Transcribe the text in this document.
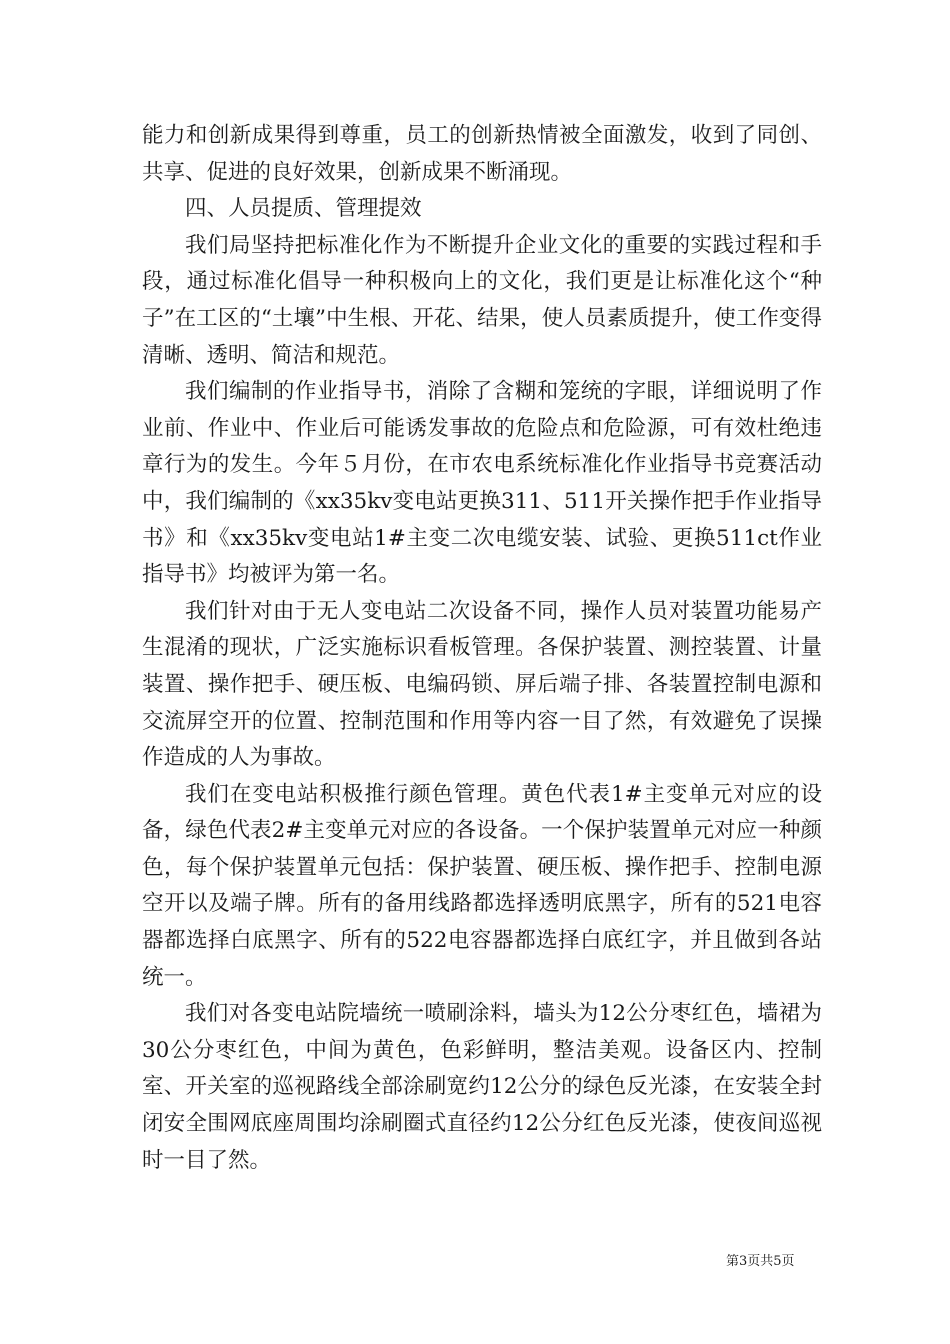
能力和创新成果得到尊重，员工的创新热情被全面激发，收到了同创、共享、促进的良好效果，创新成果不断涌现。

四、人员提质、管理提效

我们局坚持把标准化作为不断提升企业文化的重要的实践过程和手段，通过标准化倡导一种积极向上的文化，我们更是让标准化这个“种子”在工区的“土壤”中生根、开花、结果，使人员素质提升，使工作变得清晰、透明、简洁和规范。

我们编制的作业指导书，消除了含糊和笼统的字眼，详细说明了作业前、作业中、作业后可能诱发事故的危险点和危险源，可有效杜绝违章行为的发生。今年５月份，在市农电系统标准化作业指导书竞赛活动中，我们编制的《xx35kv变电站更换311、511开关操作把手作业指导书》和《xx35kv变电站1#主变二次电缆安装、试验、更换511ct作业指导书》均被评为第一名。

我们针对由于无人变电站二次设备不同，操作人员对装置功能易产生混淆的现状，广泛实施标识看板管理。各保护装置、测控装置、计量装置、操作把手、硬压板、电编码锁、屏后端子排、各装置控制电源和交流屏空开的位置、控制范围和作用等内容一目了然，有效避免了误操作造成的人为事故。

我们在变电站积极推行颜色管理。黄色代表1#主变单元对应的设备，绿色代表2#主变单元对应的各设备。一个保护装置单元对应一种颜色，每个保护装置单元包括：保护装置、硬压板、操作把手、控制电源空开以及端子牌。所有的备用线路都选择透明底黑字，所有的521电容器都选择白底黑字、所有的522电容器都选择白底红字，并且做到各站统一。

我们对各变电站院墙统一喷刷涂料，墙头为12公分枣红色，墙裙为30公分枣红色，中间为黄色，色彩鲜明，整洁美观。设备区内、控制室、开关室的巡视路线全部涂刷宽约12公分的绿色反光漆，在安装全封闭安全围网底座周围均涂刷圈式直径约12公分红色反光漆，使夜间巡视时一目了然。

第3页共5页
